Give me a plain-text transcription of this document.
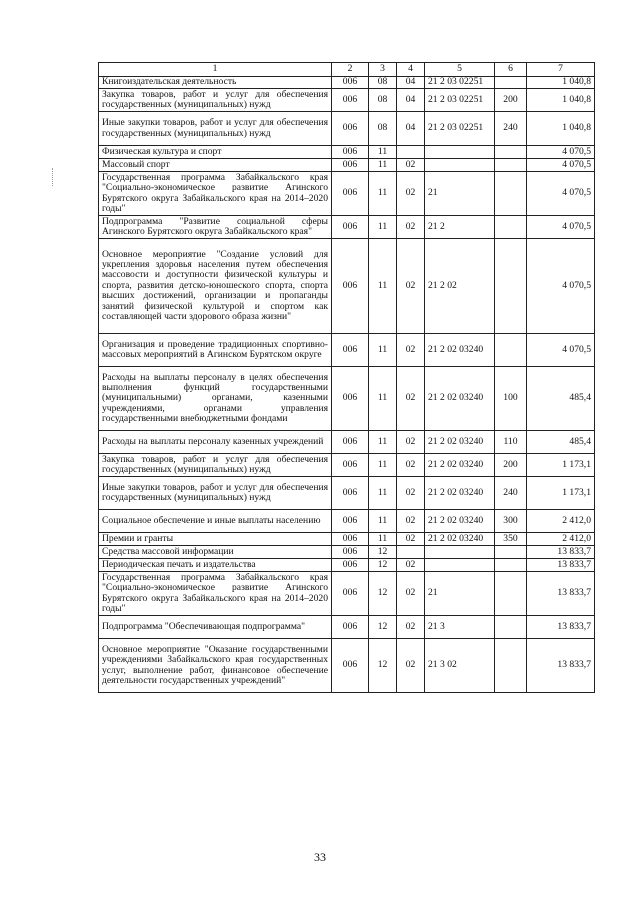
1	2	3	4	5	6	7
Книгоиздательская деятельность	006	08	04	21 2 03 02251		1 040,8
Закупка товаров, работ и услуг для обеспечения государственных (муниципальных) нужд	006	08	04	21 2 03 02251	200	1 040,8
Иные закупки товаров, работ и услуг для обеспечения государственных (муниципальных) нужд	006	08	04	21 2 03 02251	240	1 040,8
Физическая культура и спорт	006	11				4 070,5
Массовый спорт	006	11	02			4 070,5
Государственная программа Забайкальского края "Социально-экономическое развитие Агинского Бурятского округа Забайкальского края на 2014–2020 годы"	006	11	02	21		4 070,5
Подпрограмма "Развитие социальной сферы Агинского Бурятского округа Забайкальского края"	006	11	02	21 2		4 070,5
Основное мероприятие "Создание условий для укрепления здоровья населения путем обеспечения массовости и доступности физической культуры и спорта, развития детско-юношеского спорта, спорта высших достижений, организации и пропаганды занятий физической культурой и спортом как составляющей части здорового образа жизни"	006	11	02	21 2 02		4 070,5
Организация и проведение традиционных спортивно-массовых мероприятий в Агинском Бурятском округе	006	11	02	21 2 02 03240		4 070,5
Расходы на выплаты персоналу в целях обеспечения выполнения функций государственными (муниципальными) органами, казенными учреждениями, органами управления государственными внебюджетными фондами	006	11	02	21 2 02 03240	100	485,4
Расходы на выплаты персоналу казенных учреждений	006	11	02	21 2 02 03240	110	485,4
Закупка товаров, работ и услуг для обеспечения государственных (муниципальных) нужд	006	11	02	21 2 02 03240	200	1 173,1
Иные закупки товаров, работ и услуг для обеспечения государственных (муниципальных) нужд	006	11	02	21 2 02 03240	240	1 173,1
Социальное обеспечение и иные выплаты населению	006	11	02	21 2 02 03240	300	2 412,0
Премии и гранты	006	11	02	21 2 02 03240	350	2 412,0
Средства массовой информации	006	12				13 833,7
Периодическая печать и издательства	006	12	02			13 833,7
Государственная программа Забайкальского края "Социально-экономическое развитие Агинского Бурятского округа Забайкальского края на 2014–2020 годы"	006	12	02	21		13 833,7
Подпрограмма "Обеспечивающая подпрограмма"	006	12	02	21 3		13 833,7
Основное мероприятие "Оказание государственными учреждениями Забайкальского края государственных услуг, выполнение работ, финансовое обеспечение деятельности государственных учреждений"	006	12	02	21 3 02		13 833,7
33
